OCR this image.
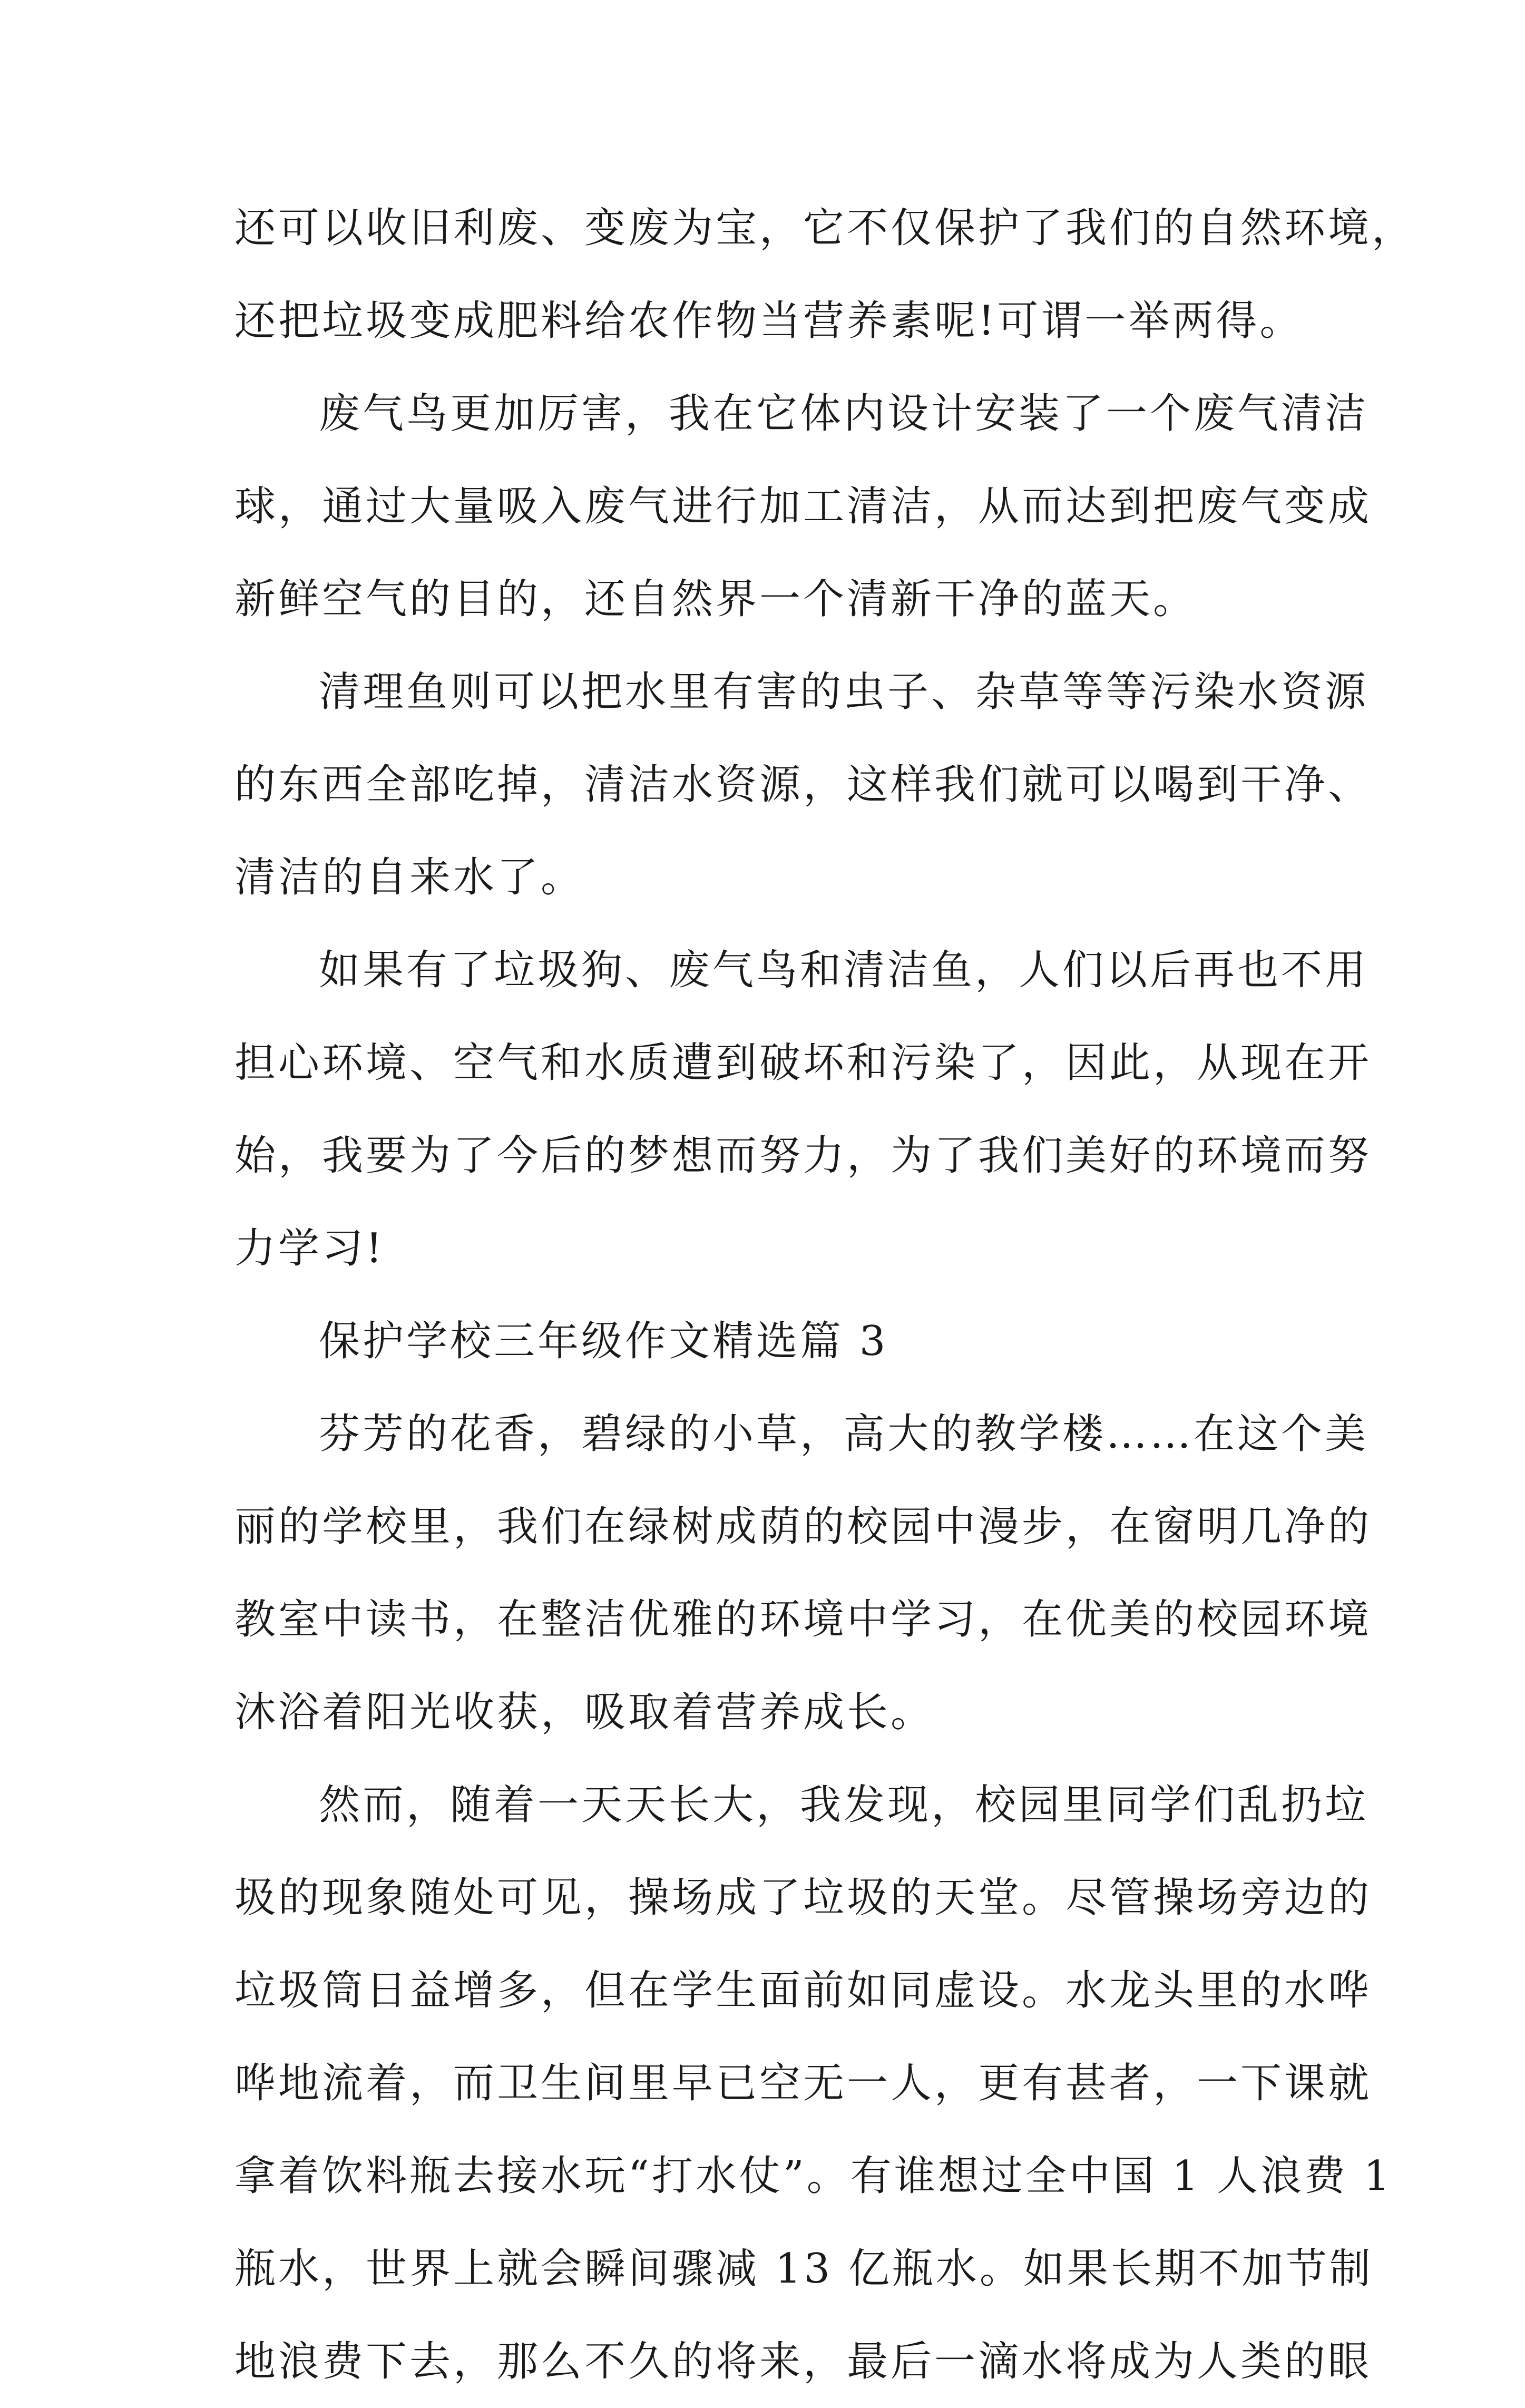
还可以收旧利废、变废为宝，它不仅保护了我们的自然环境，
还把垃圾变成肥料给农作物当营养素呢!可谓一举两得。
废气鸟更加厉害，我在它体内设计安装了一个废气清洁
球，通过大量吸入废气进行加工清洁，从而达到把废气变成
新鲜空气的目的，还自然界一个清新干净的蓝天。
清理鱼则可以把水里有害的虫子、杂草等等污染水资源
的东西全部吃掉，清洁水资源，这样我们就可以喝到干净、
清洁的自来水了。
如果有了垃圾狗、废气鸟和清洁鱼，人们以后再也不用
担心环境、空气和水质遭到破坏和污染了，因此，从现在开
始，我要为了今后的梦想而努力，为了我们美好的环境而努
力学习!
保护学校三年级作文精选篇 3
芬芳的花香，碧绿的小草，高大的教学楼……在这个美
丽的学校里，我们在绿树成荫的校园中漫步，在窗明几净的
教室中读书，在整洁优雅的环境中学习，在优美的校园环境
沐浴着阳光收获，吸取着营养成长。
然而，随着一天天长大，我发现，校园里同学们乱扔垃
圾的现象随处可见，操场成了垃圾的天堂。尽管操场旁边的
垃圾筒日益增多，但在学生面前如同虚设。水龙头里的水哗
哗地流着，而卫生间里早已空无一人，更有甚者，一下课就
拿着饮料瓶去接水玩“打水仗”。有谁想过全中国 1 人浪费 1
瓶水，世界上就会瞬间骤减 13 亿瓶水。如果长期不加节制
地浪费下去，那么不久的将来，最后一滴水将成为人类的眼
